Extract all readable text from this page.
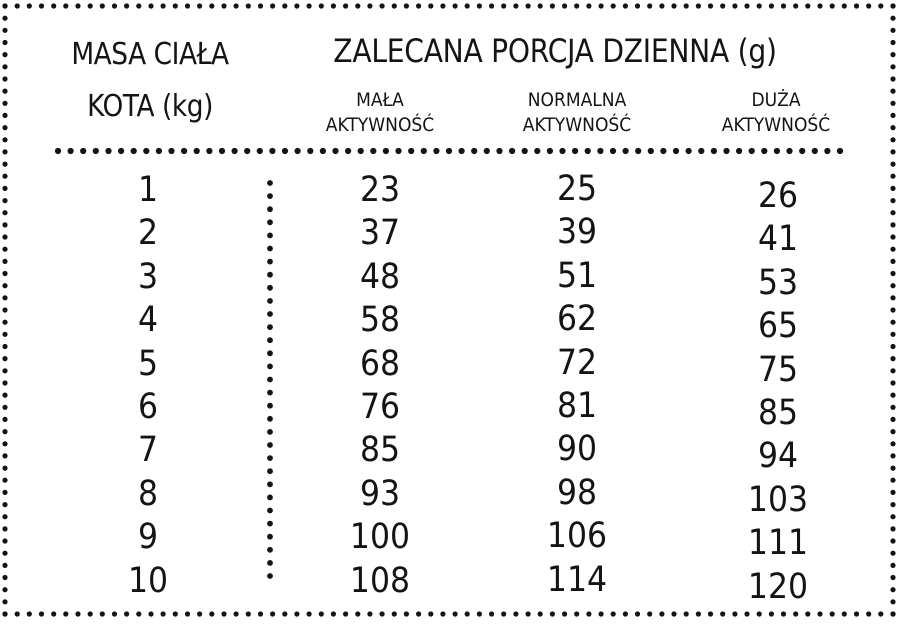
MASA CIAŁA
KOTA (kg)
ZALECANA PORCJA DZIENNA (g)
MAŁA
AKTYWNOŚĆ
NORMALNA
AKTYWNOŚĆ
DUŻA
AKTYWNOŚĆ
1	23	25	26
2	37	39	41
3	48	51	53
4	58	62	65
5	68	72	75
6	76	81	85
7	85	90	94
8	93	98	103
9	100	106	111
10	108	114	120
